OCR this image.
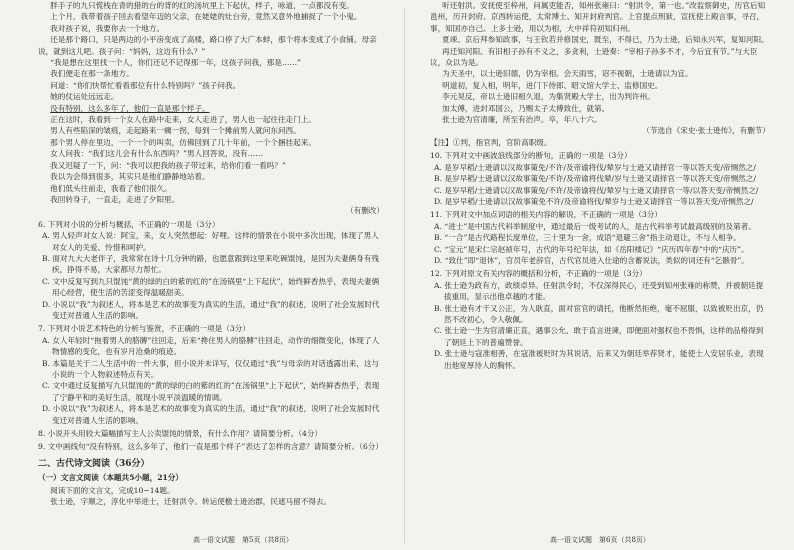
胖手子的九只慌栈在青的猎的台的背的红的汤坑里上下起伏，样子，咏道，一点都没有变。

上个月，我带着孩子回去看望年迈的父亲，在姥姥的灶台旁，竟然又意外地捕捉了一个小鬼。

我对孩子说，我要你去一个地方。

还是那个路口，只是两边的小平房变成了高楼，路口停了大广本蚌，那个将本变成了小食铺。母亲说，就到这儿吧。孩子问：“妈妈，这边有什么？”

“我是想在这里找一个人，你们还记不记得那一年，这孩子问我，那是……”

我们便走在那一条地方。

问道：“你们快帮忙看看那位有什么特别吗？”孩子问我。

她的仗运处远远走。

没有特别，这么多年了，他们一直是那个样子。

正在这时，我看到一个女人在路中走来，女人走进了，男人也一起往往走门上。

男人有些陷深的皱痕，走起路来一瘸一拐，每到一个摊前男人就问东问西。

那个男人停在里边，一个一个的叫卖，仿佛回到了几十年前，一个个捆挂起来。

女人问我：“我们这儿会有什么东西吗？”男人回答说，没有……

我又迟疑了一下，问：“我可以把我的孩子带过来，给你们看一看吗？”

我以为会得到很多，其实只是他们静静地站着。

他们低头往前走，我看了他们很久。

我回转身子，一直走，走进了夕阳里。

（有删改）

6. 下列对小说的分析与概括，不正确的一项是（3分）

A. 男人轻声对女人说：阿宝，来，女人突然想起：好哩。这样的情景在小说中多次出现，体现了男人对女人的关爱、怜惜和呵护。

B. 面对九大大老伴子，我常常在诗十几分钟的路，也愿意跟到这里来吃碗馄饨，是因为夫妻俩身有残疾，挣得不易，大家都尽力帮忙。

C. 文中反复写到九只馄饨“黄的绿的白的紫的红的”在汤锅里“上下起伏”，始终鲜香热乎，表现夫妻俩用心经营，使生活的苦涩变得温暖甜美。

D. 小说以“我”为叙述人，将本是艺术的故事变为真实的生活，通过“我”的叙述，说明了社会发展时代变迁对普通人生活的影响。

7. 下列对小说艺术特色的分析与鉴赏，不正确的一项是（3分）

A. 女人年轻时“拖着男人的胳膊”往回走，后来“搀住男人的胳膊”往回走，动作的细微变化，体现了人物情感的变化，也有岁月沧桑的痕迹。

B. 本篇是关于二人生活中的一件大事，但小说并未详写，仅仅通过“我”与母亲的对话透露出来，这与小说的一个人物叙述特点有关。

C. 文中通过反复描写九只馄饨的“黄的绿的白的紫的红的”在汤锅里“上下起伏”，始终鲜香热乎，表现了宁静平和的美好生活，展现小说平淡温暖的情调。

D. 小说以“我”为叙述人，将本是艺术的故事变为真实的生活，通过“我”的叙述，说明了社会发展时代变迁对普通人生活的影响。

8. 小说开头用较大篇幅描写主人公卖馄饨的情景，有什么作用？请简要分析。（4分）

9. 文中画线句“没有特别，这么多年了，他们一直是那个样子”表达了怎样的含意？请简要分析。（6分）

二、古代诗文阅读（36分）

（一）文言文阅读（本题共5小题，21分）

阅读下面的文言文，完成10~14题。

张士逊，字顺之，淳化中举进士，迁射洪令。转运使檄士逊治郡，民遮马留不得去。

高一语文试题　第5页（共8页）

听还射洪。安抚使至梓州，问属吏能否，知州张雍曰：“射洪令，第一也。”改监察御史，历官后知邕州，历开封府、京西转运使，太常博士、知开封府判官。上官提点刑狱，宣抚使上殿言事，寻召，事，知国亦自己。上多士逊，用以为相，大中祥符初知归州。

夏竦、京后拜参知政事，与王钦若并修国史，既至，不得已，乃为士逊，后知永兴军，复知河阳。

再迁知河阳。有旧相子孙有不义之，多贪利，士逊奏：“宰相子孙多不才，今后宜有节。”与大臣议，众以为是。

为天圣中，以士逊旧德，仍为宰相。会天雨雪，诏不视朝，士逊请以为宜。

明道初，复入相，明年，进门下侍郎、昭文馆大学士、监修国史。

李元昊反，帝以士逊旧相久退，为集贤殿大学士，出为判许州。

加太傅，进封邓国公，乃赐太子太傅致仕，就第。

张士逊为官清廉，所至有治声。卒，年八十六。

（节选自《宋史·张士逊传》，有删节）

【注】①判，指官判，官阶高职级。

10. 下列对文中画波浪线部分的断句，正确的一项是（3分）

A. 是岁早稻/士逊请以汉故事策免/不许/及帝谕将伐/辇岁与士逊又请择官一等以答天变/帝恻然之/

B. 是岁早稻/士逊请以汉故事策免/不许/及帝谕将伐辇/岁与士逊又请择官一等以答天变/帝恻然之/

C. 是岁早稻/士逊请以汉故事策免/不许/及帝谕将伐/辇岁与士逊又请择官一等/以答天变/帝恻然之/

D. 是岁早稻/士逊请以汉故事策免不许/及帝谕将伐/辇岁与士逊又请择官一等以答天变/帝恻然之/

11. 下列对文中加点词语的相关内容的解说，不正确的一项是（3分）

A. “进士”是中国古代科举制度中，通过最后一级考试的人，是古代科举考试最高级别的及第者。

B. “一合”是古代路程长度单位，三十里为一舍，成语“退避三舍”指主动退让，不与人相争。

C. “宝元”是宋仁宗赵祯年号，古代的年号纪年法，如《岳阳楼记》“庆历四年春”中的“庆历”。

D. “致仕”即“退休”，官员年老辞官，古代官员进入仕途的含蓄说法，类似的词还有“乞骸骨”。

12. 下列对原文有关内容的概括和分析，不正确的一项是（3分）

A. 张士逊为政有方，政绩卓异。任射洪令时，不仅深得民心，还受到知州张雍的称赞，并被朝廷提拔重用，显示出他卓越的才能。

B. 张士逊有才干又公正，为人耿直，面对宦官的请托，他断然拒绝，毫不屈服，以致被贬出京，仍然不改初心，令人敬佩。

C. 张士逊一生为官清廉正直，遇事公允，敢于直言进谏，即便面对强权也不畏惧，这样的品格得到了朝廷上下的普遍赞誉。

D. 张士逊与寇准相善，在寇准被贬时为其说话，后来又为朝廷举荐贤才，能使士人安居乐业，表现出他宽厚待人的胸怀。

高一语文试题　第6页（共8页）
